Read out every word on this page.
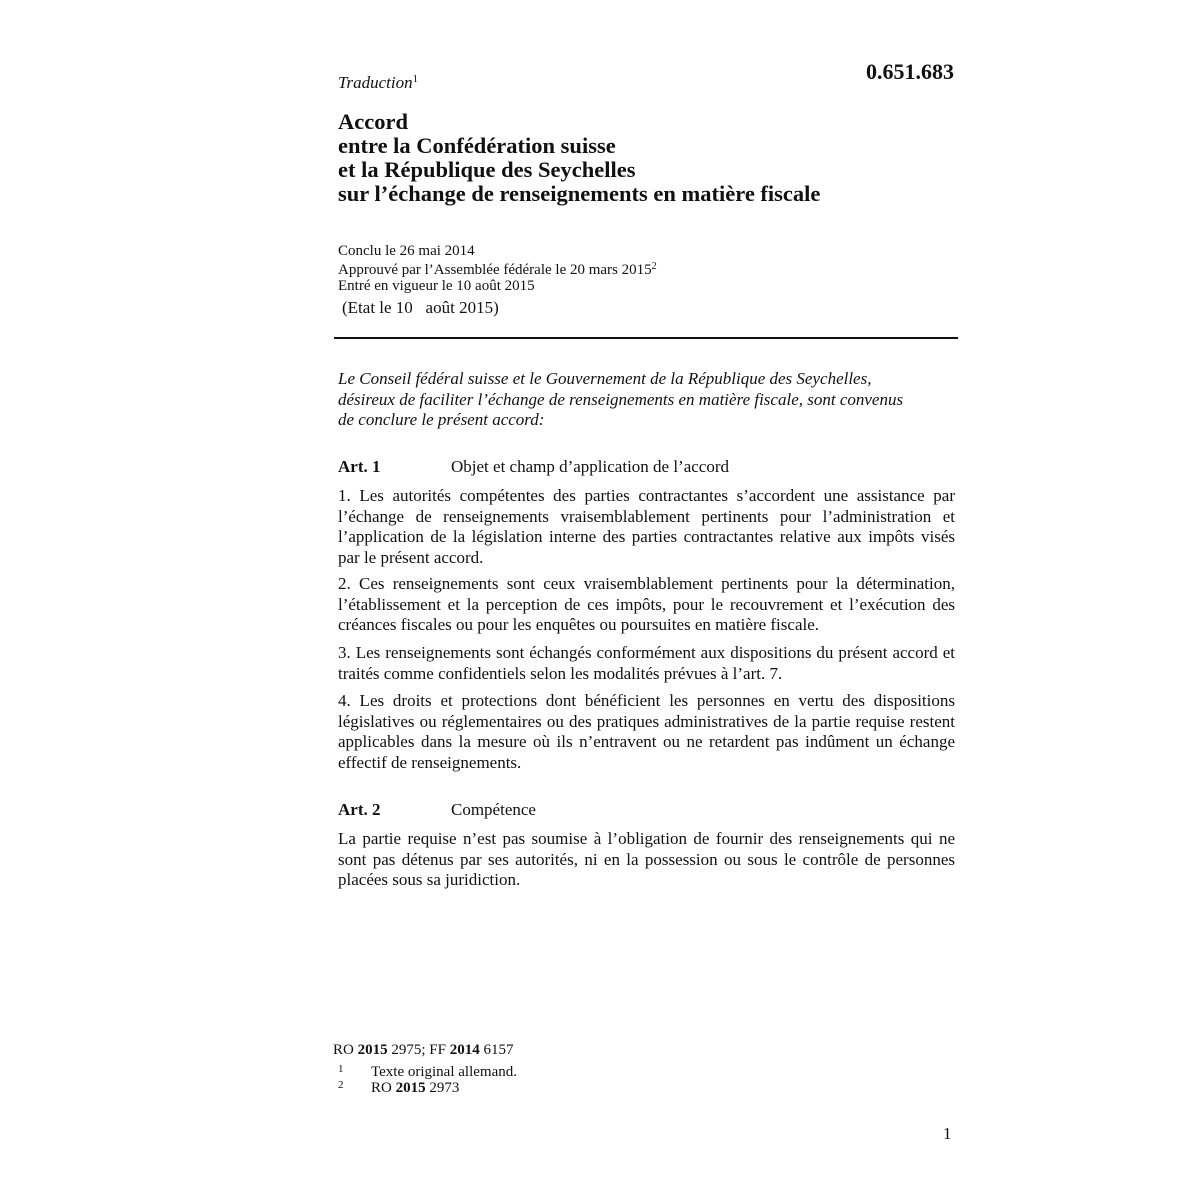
Traduction$^1$	0.651.683
Accord
entre la Confédération suisse
et la République des Seychelles
sur l’échange de renseignements en matière fiscale
Conclu le 26 mai 2014
Approuvé par l’Assemblée fédérale le 20 mars 2015$^2$
Entré en vigueur le 10 août 2015
(Etat le 10   août 2015)
Le Conseil fédéral suisse et le Gouvernement de la République des Seychelles,
désireux de faciliter l’échange de renseignements en matière fiscale, sont convenus
de conclure le présent accord:
Art. 1	Objet et champ d’application de l’accord

1. Les autorités compétentes des parties contractantes s’accordent une assistance par l’échange de renseignements vraisemblablement pertinents pour l’administration et l’application de la législation interne des parties contractantes relative aux impôts visés par le présent accord.

2. Ces renseignements sont ceux vraisemblablement pertinents pour la détermination, l’établissement et la perception de ces impôts, pour le recouvrement et l’exécution des créances fiscales ou pour les enquêtes ou poursuites en matière fiscale.

3. Les renseignements sont échangés conformément aux dispositions du présent accord et traités comme confidentiels selon les modalités prévues à l’art. 7.

4. Les droits et protections dont bénéficient les personnes en vertu des dispositions législatives ou réglementaires ou des pratiques administratives de la partie requise restent applicables dans la mesure où ils n’entravent ou ne retardent pas indûment un échange effectif de renseignements.

Art. 2	Compétence

La partie requise n’est pas soumise à l’obligation de fournir des renseignements qui ne sont pas détenus par ses autorités, ni en la possession ou sous le contrôle de personnes placées sous sa juridiction.

RO 2015 2975; FF 2014 6157
1 Texte original allemand.
2 RO 2015 2973
1
